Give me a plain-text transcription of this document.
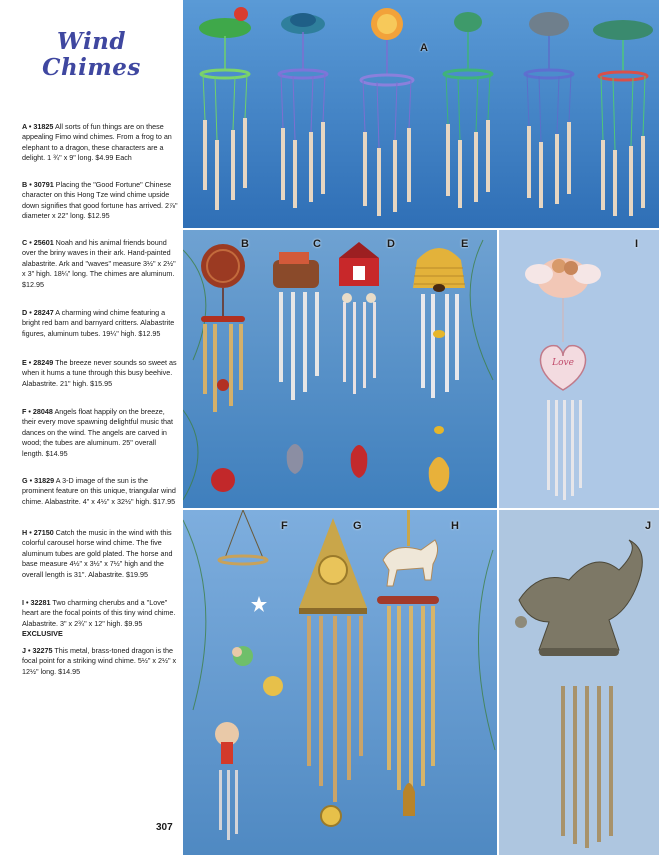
Wind
Chimes
A • 31825 All sorts of fun things are on these appealing Fimo wind chimes. From a frog to an elephant to a dragon, these characters are a delight. 1 ¾" x 9" long. $4.99 Each
B • 30791 Placing the "Good Fortune" Chinese character on this Hong Tze wind chime upside down signifies that good fortune has arrived. 2⅞" diameter x 22" long. $12.95
C • 25601 Noah and his animal friends bound over the briny waves in their ark. Hand-painted alabastrite. Ark and "waves" measure 3½" x 2½" x 3" high. 18¼" long. The chimes are aluminum. $12.95
D • 28247 A charming wind chime featuring a bright red barn and barnyard critters. Alabastrite figures, aluminum tubes. 19¼" high. $12.95
E • 28249 The breeze never sounds so sweet as when it hums a tune through this busy beehive. Alabastrite. 21" high. $15.95
F • 28048 Angels float happily on the breeze, their every move spawning delightful music that dances on the wind. The angels are carved in wood; the tubes are aluminum. 25" overall length. $14.95
G • 31829 A 3-D image of the sun is the prominent feature on this unique, triangular wind chime. Alabastrite. 4" x 4½" x 32½" high. $17.95
H • 27150 Catch the music in the wind with this colorful carousel horse wind chime. The five aluminum tubes are gold plated. The horse and base measure 4½" x 3½" x 7½" high and the overall length is 31". Alabastrite. $19.95
I • 32281 Two charming cherubs and a "Love" heart are the focal points of this tiny wind chime. Alabastrite. 3" x 2¾" x 12" high. $9.95 EXCLUSIVE
J • 32275 This metal, brass-toned dragon is the focal point for a striking wind chime. 5½" x 2½" x 12½" long. $14.95
307
A
B	C	D	E
Love
I
F	G	H	J
